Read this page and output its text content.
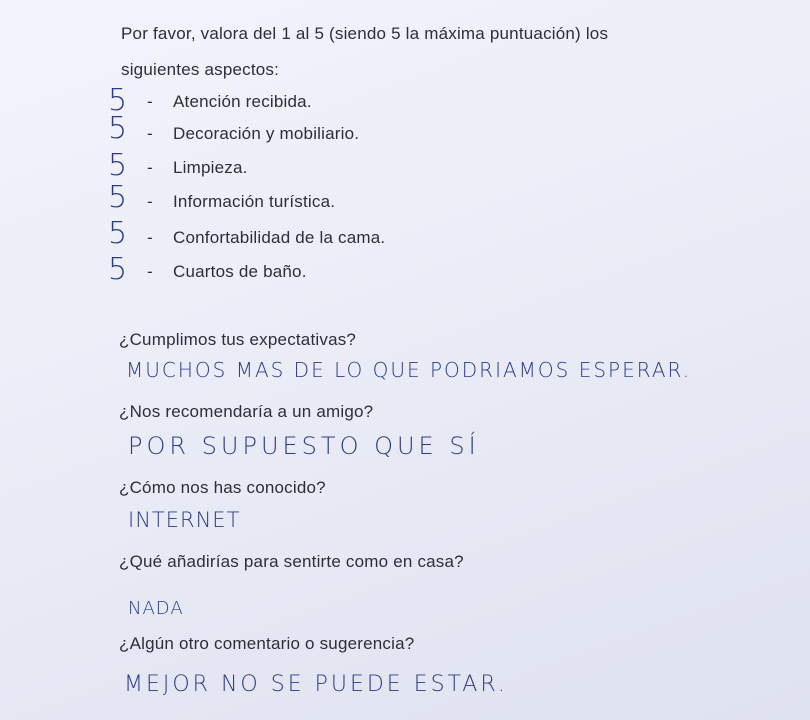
Por favor, valora del 1 al 5 (siendo 5 la máxima puntuación) los
siguientes aspectos:
5 - Atención recibida.
5 - Decoración y mobiliario.
5 - Limpieza.
5 - Información turística.
5 - Confortabilidad de la cama.
5 - Cuartos de baño.
¿Cumplimos tus expectativas?
MUCHOS MAS DE LO QUE PODRIAMOS ESPERAR.
¿Nos recomendaría a un amigo?
POR SUPUESTO QUE SÍ
¿Cómo nos has conocido?
INTERNET
¿Qué añadirías para sentirte como en casa?
NADA
¿Algún otro comentario o sugerencia?
MEJOR NO SE PUEDE ESTAR.
